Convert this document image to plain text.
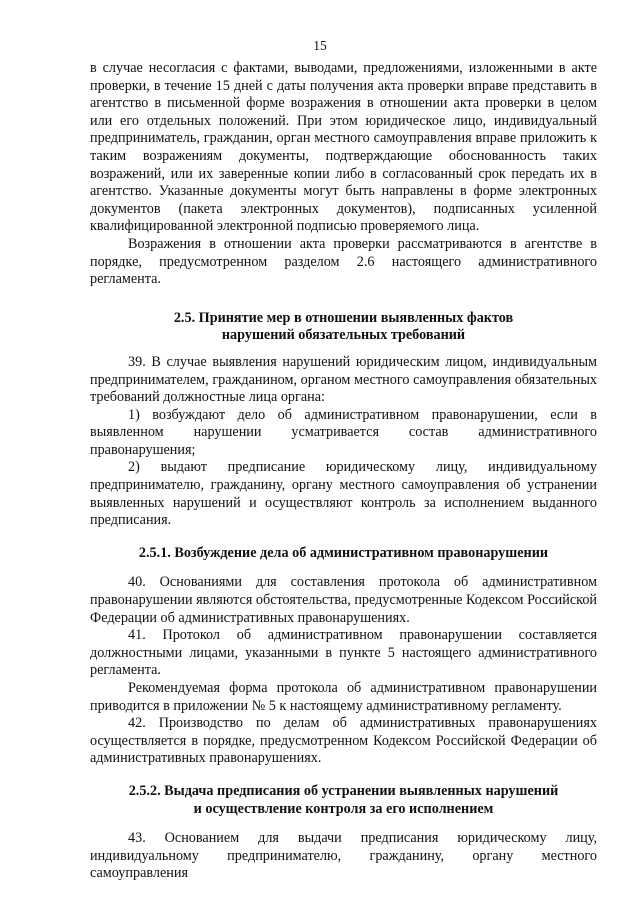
15

в случае несогласия с фактами, выводами, предложениями, изложенными в акте проверки, в течение 15 дней с даты получения акта проверки вправе представить в агентство в письменной форме возражения в отношении акта проверки в целом или его отдельных положений. При этом юридическое лицо, индивидуальный предприниматель, гражданин, орган местного самоуправления вправе приложить к таким возражениям документы, подтверждающие обоснованность таких возражений, или их заверенные копии либо в согласованный срок передать их в агентство. Указанные документы могут быть направлены в форме электронных документов (пакета электронных документов), подписанных усиленной квалифицированной электронной подписью проверяемого лица.

Возражения в отношении акта проверки рассматриваются в агентстве в порядке, предусмотренном разделом 2.6 настоящего административного регламента.

2.5. Принятие мер в отношении выявленных фактов
нарушений обязательных требований

39. В случае выявления нарушений юридическим лицом, индивидуальным предпринимателем, гражданином, органом местного самоуправления обязательных требований должностные лица органа:

1) возбуждают дело об административном правонарушении, если в выявленном нарушении усматривается состав административного правонарушения;

2) выдают предписание юридическому лицу, индивидуальному предпринимателю, гражданину, органу местного самоуправления об устранении выявленных нарушений и осуществляют контроль за исполнением выданного предписания.

2.5.1. Возбуждение дела об административном правонарушении

40. Основаниями для составления протокола об административном правонарушении являются обстоятельства, предусмотренные Кодексом Российской Федерации об административных правонарушениях.

41. Протокол об административном правонарушении составляется должностными лицами, указанными в пункте 5 настоящего административного регламента.

Рекомендуемая форма протокола об административном правонарушении приводится в приложении № 5 к настоящему административному регламенту.

42. Производство по делам об административных правонарушениях осуществляется в порядке, предусмотренном Кодексом Российской Федерации об административных правонарушениях.

2.5.2. Выдача предписания об устранении выявленных нарушений
и осуществление контроля за его исполнением

43. Основанием для выдачи предписания юридическому лицу, индивидуальному предпринимателю, гражданину, органу местного самоуправления
